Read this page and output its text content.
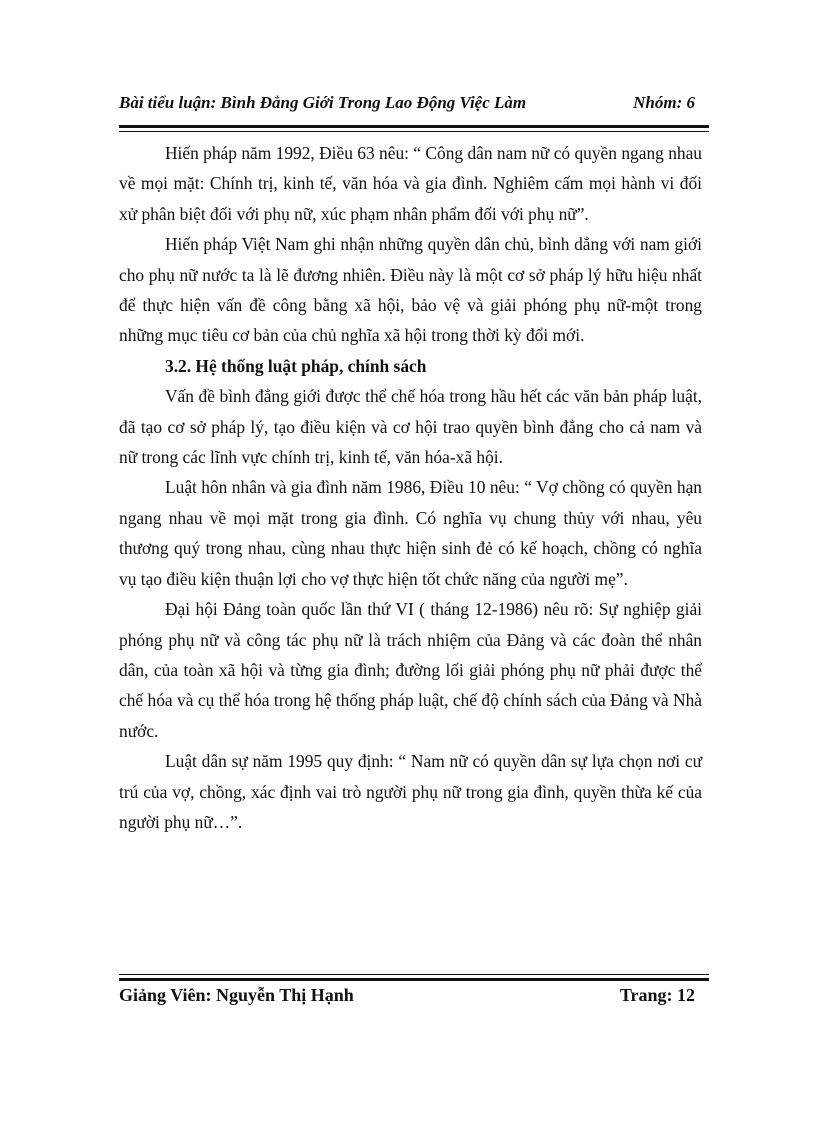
Bài tiểu luận: Bình Đẳng Giới Trong Lao Động Việc Làm	Nhóm: 6

Hiến pháp năm 1992, Điều 63 nêu: “ Công dân nam nữ có quyền ngang nhau về mọi mặt: Chính trị, kinh tế, văn hóa và gia đình. Nghiêm cấm mọi hành vi đối xử phân biệt đối với phụ nữ, xúc phạm nhân phẩm đối với phụ nữ”.

Hiến pháp Việt Nam ghi nhận những quyền dân chủ, bình dẳng với nam giới cho phụ nữ nước ta là lẽ đương nhiên. Điều này là một cơ sở pháp lý hữu hiệu nhất để thực hiện vấn đề công bằng xã hội, bảo vệ và giải phóng phụ nữ-một trong những mục tiêu cơ bản của chủ nghĩa xã hội trong thời kỳ đổi mới.

3.2. Hệ thống luật pháp, chính sách

Vấn đề bình đẳng giới được thể chế hóa trong hầu hết các văn bản pháp luật, đã tạo cơ sở pháp lý, tạo điều kiện và cơ hội trao quyền bình đẳng cho cả nam và nữ trong các lĩnh vực chính trị, kinh tế, văn hóa-xã hội.

Luật hôn nhân và gia đình năm 1986, Điều 10 nêu: “ Vợ chồng có quyền hạn ngang nhau về mọi mặt trong gia đình. Có nghĩa vụ chung thủy với nhau, yêu thương quý trong nhau, cùng nhau thực hiện sinh đẻ có kế hoạch, chồng có nghĩa vụ tạo điều kiện thuận lợi cho vợ thực hiện tốt chức năng của người mẹ”.

Đại hội Đảng toàn quốc lần thứ VI ( tháng 12-1986) nêu rõ: Sự nghiệp giải phóng phụ nữ và công tác phụ nữ là trách nhiệm của Đảng và các đoàn thể nhân dân, của toàn xã hội và từng gia đình; đường lối giải phóng phụ nữ phải được thể chế hóa và cụ thể hóa trong hệ thống pháp luật, chế độ chính sách của Đảng và Nhà nước.

Luật dân sự năm 1995 quy định: “ Nam nữ có quyền dân sự lựa chọn nơi cư trú của vợ, chồng, xác định vai trò người phụ nữ trong gia đình, quyền thừa kế của người phụ nữ…”.

Giảng Viên: Nguyễn Thị Hạnh	Trang: 12
